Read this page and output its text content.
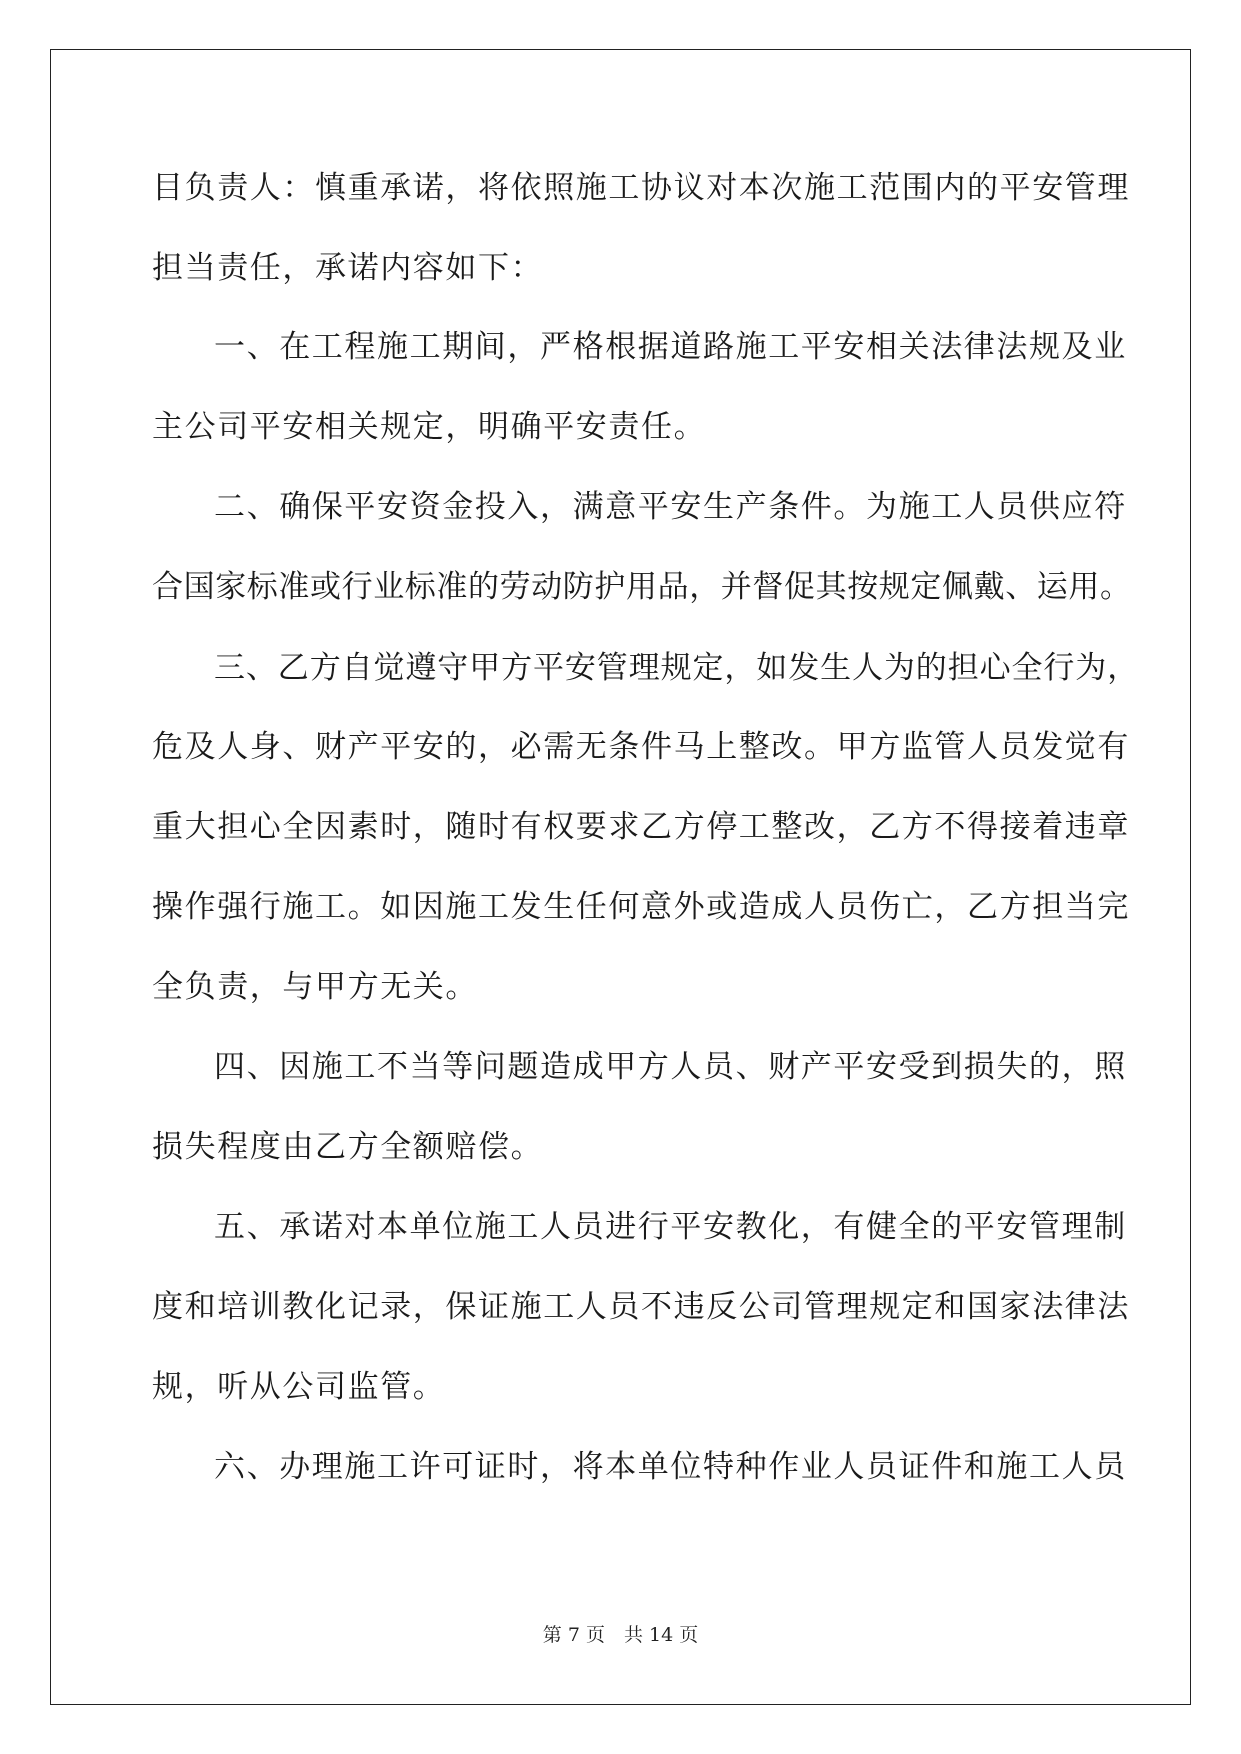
目负责人：慎重承诺，将依照施工协议对本次施工范围内的平安管理
担当责任，承诺内容如下：
一、在工程施工期间，严格根据道路施工平安相关法律法规及业
主公司平安相关规定，明确平安责任。
二、确保平安资金投入，满意平安生产条件。为施工人员供应符
合国家标准或行业标准的劳动防护用品，并督促其按规定佩戴、运用。
三、乙方自觉遵守甲方平安管理规定，如发生人为的担心全行为，
危及人身、财产平安的，必需无条件马上整改。甲方监管人员发觉有
重大担心全因素时，随时有权要求乙方停工整改，乙方不得接着违章
操作强行施工。如因施工发生任何意外或造成人员伤亡，乙方担当完
全负责，与甲方无关。
四、因施工不当等问题造成甲方人员、财产平安受到损失的，照
损失程度由乙方全额赔偿。
五、承诺对本单位施工人员进行平安教化，有健全的平安管理制
度和培训教化记录，保证施工人员不违反公司管理规定和国家法律法
规，听从公司监管。
六、办理施工许可证时，将本单位特种作业人员证件和施工人员
第 7 页　共 14 页
